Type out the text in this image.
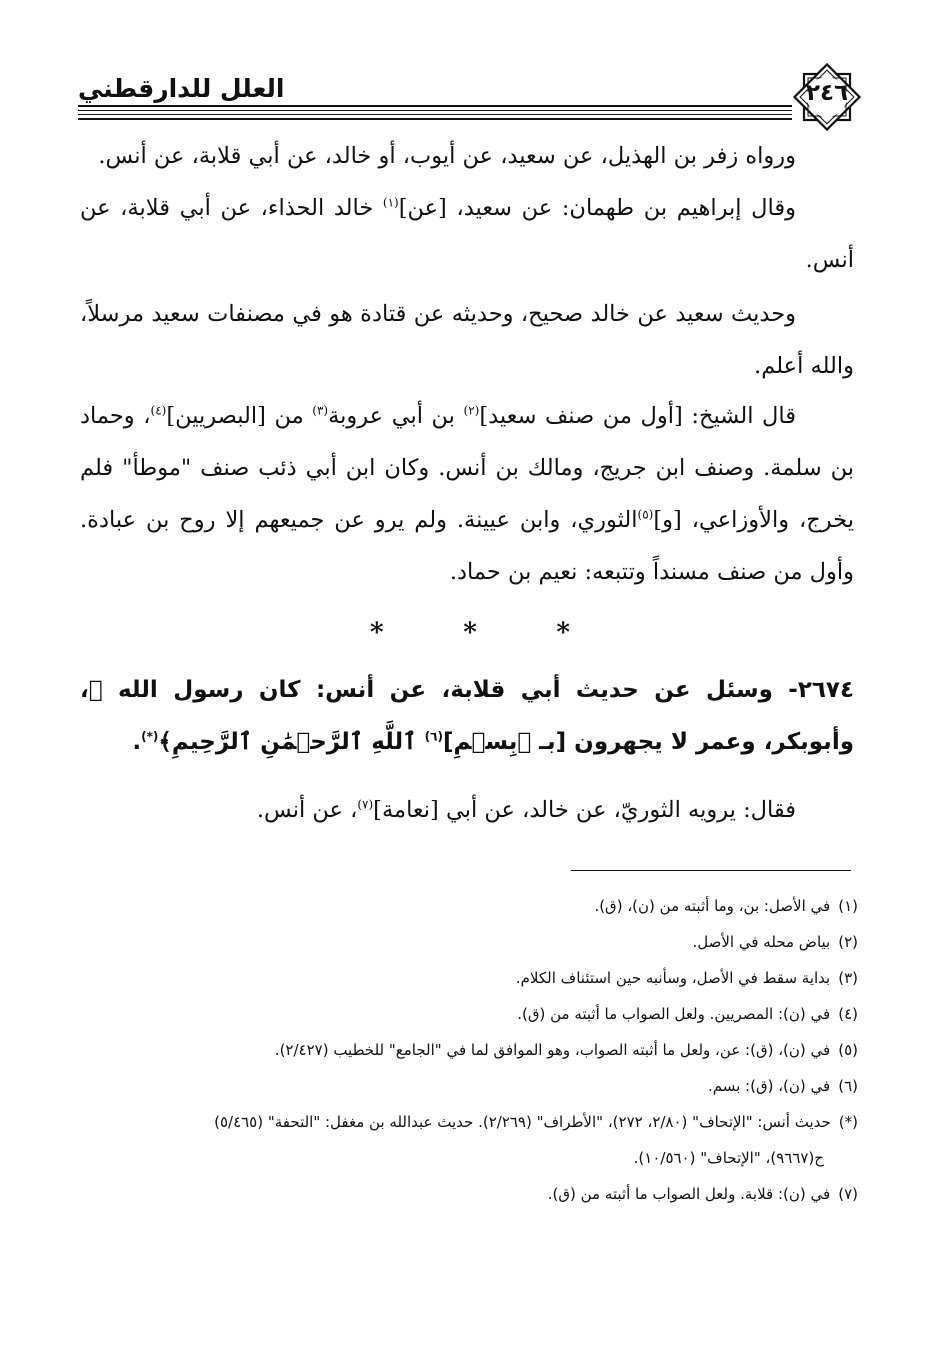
العلل للدارقطني	٢٤٦
ورواه زفر بن الهذيل، عن سعيد، عن أيوب، أو خالد، عن أبي قلابة، عن أنس.
وقال إبراهيم بن طهمان: عن سعيد، [عن]$^{(١)}$ خالد الحذاء، عن أبي قلابة، عن أنس.
وحديث سعيد عن خالد صحيح، وحديثه عن قتادة هو في مصنفات سعيد مرسلاً، والله أعلم.
قال الشيخ: [أول من صنف سعيد]$^{(٢)}$ بن أبي عروبة$^{(٣)}$ من [البصريين]$^{(٤)}$، وحماد بن سلمة. وصنف ابن جريج، ومالك بن أنس. وكان ابن أبي ذئب صنف "موطأ" فلم يخرج، والأوزاعي، [و]$^{(٥)}$الثوري، وابن عيينة. ولم يرو عن جميعهم إلا روح بن عبادة. وأول من صنف مسنداً وتتبعه: نعيم بن حماد.
*	*	*
٢٦٧٤- وسئل عن حديث أبي قلابة، عن أنس: كان رسول الله ﷺ، وأبوبكر، وعمر لا يجهرون [بـ ﴿بِسۡمِ]$^{(٦)}$ ٱللَّهِ ٱلرَّحۡمَٰنِ ٱلرَّحِيمِ﴾(*).
فقال: يرويه الثوريّ، عن خالد، عن أبي [نعامة]$^{(٧)}$، عن أنس.
(١)في الأصل: بن، وما أثبته من (ن)، (ق).
(٢)بياض محله في الأصل.
(٣)بداية سقط في الأصل، وسأنبه حين استئناف الكلام.
(٤)في (ن): المصريين. ولعل الصواب ما أثبته من (ق).
(٥)في (ن)، (ق): عن، ولعل ما أثبته الصواب، وهو الموافق لما في "الجامع" للخطيب (٢/٤٢٧).
(٦)في (ن)، (ق): بسم.
(*)حديث أنس: "الإتحاف" (٢/٨٠، ٢٧٢)، "الأطراف" (٢/٢٦٩). حديث عبدالله بن مغفل: "التحفة" (٥/٤٦٥)
ح(٩٦٦٧)، "الإتحاف" (١٠/٥٦٠).
(٧)في (ن): قلابة. ولعل الصواب ما أثبته من (ق).
